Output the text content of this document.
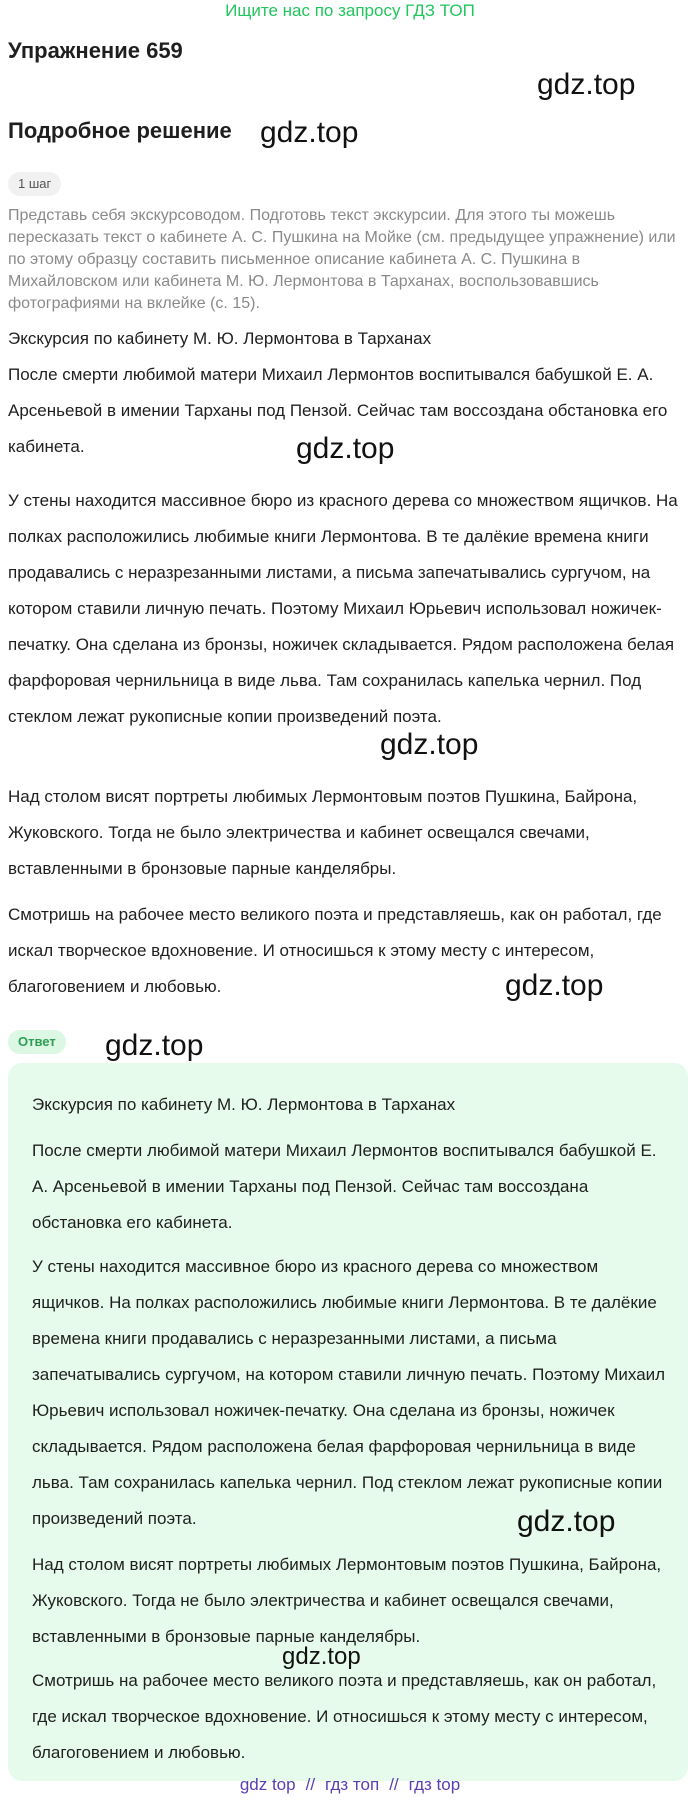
Ищите нас по запросу ГДЗ ТОП
Упражнение 659
gdz.top
Подробное решение gdz.top
1 шаг

Представь себя экскурсоводом. Подготовь текст экскурсии. Для этого ты можешь пересказать текст о кабинете А. С. Пушкина на Мойке (см. предыдущее упражнение) или по этому образцу составить письменное описание кабинета А. С. Пушкина в Михайловском или кабинета М. Ю. Лермонтова в Тарханах, воспользовавшись фотографиями на вклейке (с. 15).

Экскурсия по кабинету М. Ю. Лермонтова в Тарханах

После смерти любимой матери Михаил Лермонтов воспитывался бабушкой Е. А. Арсеньевой в имении Тарханы под Пензой. Сейчас там воссоздана обстановка его кабинета.	gdz.top

У стены находится массивное бюро из красного дерева со множеством ящичков. На полках расположились любимые книги Лермонтова. В те далёкие времена книги продавались с неразрезанными листами, а письма запечатывались сургучом, на котором ставили личную печать. Поэтому Михаил Юрьевич использовал ножичек-печатку. Она сделана из бронзы, ножичек складывается. Рядом расположена белая фарфоровая чернильница в виде льва. Там сохранилась капелька чернил. Под стеклом лежат рукописные копии произведений поэта.

gdz.top

Над столом висят портреты любимых Лермонтовым поэтов Пушкина, Байрона, Жуковского. Тогда не было электричества и кабинет освещался свечами, вставленными в бронзовые парные канделябры.

Смотришь на рабочее место великого поэта и представляешь, как он работал, где искал творческое вдохновение. И относишься к этому месту с интересом, благоговением и любовью.	gdz.top
Ответ	gdz.top

Экскурсия по кабинету М. Ю. Лермонтова в Тарханах

После смерти любимой матери Михаил Лермонтов воспитывался бабушкой Е. А. Арсеньевой в имении Тарханы под Пензой. Сейчас там воссоздана обстановка его кабинета.

У стены находится массивное бюро из красного дерева со множеством ящичков. На полках расположились любимые книги Лермонтова. В те далёкие времена книги продавались с неразрезанными листами, а письма запечатывались сургучом, на котором ставили личную печать. Поэтому Михаил Юрьевич использовал ножичек-печатку. Она сделана из бронзы, ножичек складывается. Рядом расположена белая фарфоровая чернильница в виде льва. Там сохранилась капелька чернил. Под стеклом лежат рукописные копии произведений поэта.	gdz.top

Над столом висят портреты любимых Лермонтовым поэтов Пушкина, Байрона, Жуковского. Тогда не было электричества и кабинет освещался свечами, вставленными в бронзовые парные канделябры.

gdz.top

Смотришь на рабочее место великого поэта и представляешь, как он работал, где искал творческое вдохновение. И относишься к этому месту с интересом, благоговением и любовью.

gdz top // гдз топ // гдз top
